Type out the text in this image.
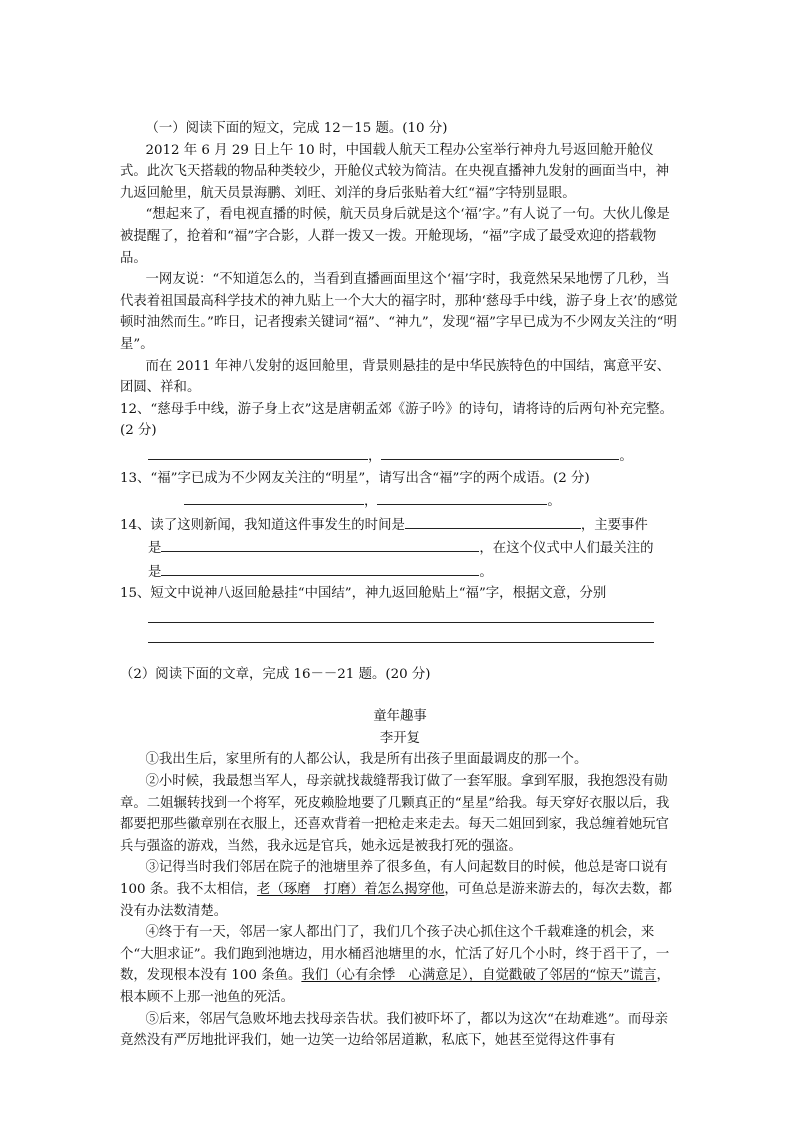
（一）阅读下面的短文，完成 12－15 题。(10 分)

2012 年 6 月 29 日上午 10 时，中国载人航天工程办公室举行神舟九号返回舱开舱仪式。此次飞天搭载的物品种类较少，开舱仪式较为简洁。在央视直播神九发射的画面当中，神九返回舱里，航天员景海鹏、刘旺、刘洋的身后张贴着大红“福”字特别显眼。

“想起来了，看电视直播的时候，航天员身后就是这个‘福’字。”有人说了一句。大伙儿像是被提醒了，抢着和“福”字合影，人群一拨又一拨。开舱现场，“福”字成了最受欢迎的搭载物品。

一网友说：“不知道怎么的，当看到直播画面里这个‘福’字时，我竟然呆呆地愣了几秒，当代表着祖国最高科学技术的神九贴上一个大大的福字时，那种‘慈母手中线，游子身上衣’的感觉顿时油然而生。”昨日，记者搜索关键词“福”、“神九”，发现“福”字早已成为不少网友关注的“明星”。

而在 2011 年神八发射的返回舱里，背景则悬挂的是中华民族特色的中国结，寓意平安、团圆、祥和。

12、“慈母手中线，游子身上衣”这是唐朝孟郊《游子吟》的诗句，请将诗的后两句补充完整。(2 分)

，	。

13、“福”字已成为不少网友关注的“明星”，请写出含“福”字的两个成语。(2 分)

，	。

14、读了这则新闻，我知道这件事发生的时间是	，主要事件

是	，在这个仪式中人们最关注的

是	。

15、短文中说神八返回舱悬挂“中国结”，神九返回舱贴上“福”字，根据文意，分别

（2）阅读下面的文章，完成 16－－21 题。(20 分)

童年趣事

李开复

①我出生后，家里所有的人都公认，我是所有出孩子里面最调皮的那一个。

②小时候，我最想当军人，母亲就找裁缝帮我订做了一套军服。拿到军服，我抱怨没有勋章。二姐辗转找到一个将军，死皮赖脸地要了几颗真正的“星星”给我。每天穿好衣服以后，我都要把那些徽章别在衣服上，还喜欢背着一把枪走来走去。每天二姐回到家，我总缠着她玩官兵与强盗的游戏，当然，我永远是官兵，她永远是被我打死的强盗。

③记得当时我们邻居在院子的池塘里养了很多鱼，有人问起数目的时候，他总是寄口说有 100 条。我不太相信，老（琢磨　打磨）着怎么揭穿他，可鱼总是游来游去的，每次去数，都没有办法数清楚。

④终于有一天，邻居一家人都出门了，我们几个孩子决心抓住这个千载难逢的机会，来个“大胆求证”。我们跑到池塘边，用水桶舀池塘里的水，忙活了好几个小时，终于舀干了，一数，发现根本没有 100 条鱼。我们（心有余悸　心满意足），自觉戳破了邻居的“惊天”谎言，根本顾不上那一池鱼的死活。

⑤后来，邻居气急败坏地去找母亲告状。我们被吓坏了，都以为这次“在劫难逃”。而母亲竟然没有严厉地批评我们，她一边笑一边给邻居道歉，私底下，她甚至觉得这件事有
